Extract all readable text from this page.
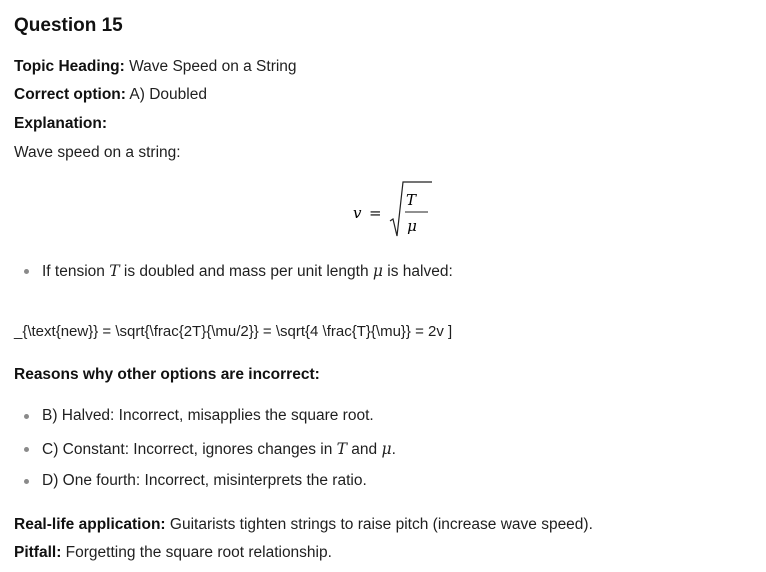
Question 15
Topic Heading: Wave Speed on a String
Correct option: A) Doubled
Explanation:
Wave speed on a string:
v =
T
μ
If tension T is doubled and mass per unit length μ is halved:
_{\text{new}} = \sqrt{\frac{2T}{\mu/2}} = \sqrt{4 \frac{T}{\mu}} = 2v ]
Reasons why other options are incorrect:
B) Halved: Incorrect, misapplies the square root.
C) Constant: Incorrect, ignores changes in T and μ.
D) One fourth: Incorrect, misinterprets the ratio.
Real-life application: Guitarists tighten strings to raise pitch (increase wave speed).
Pitfall: Forgetting the square root relationship.
